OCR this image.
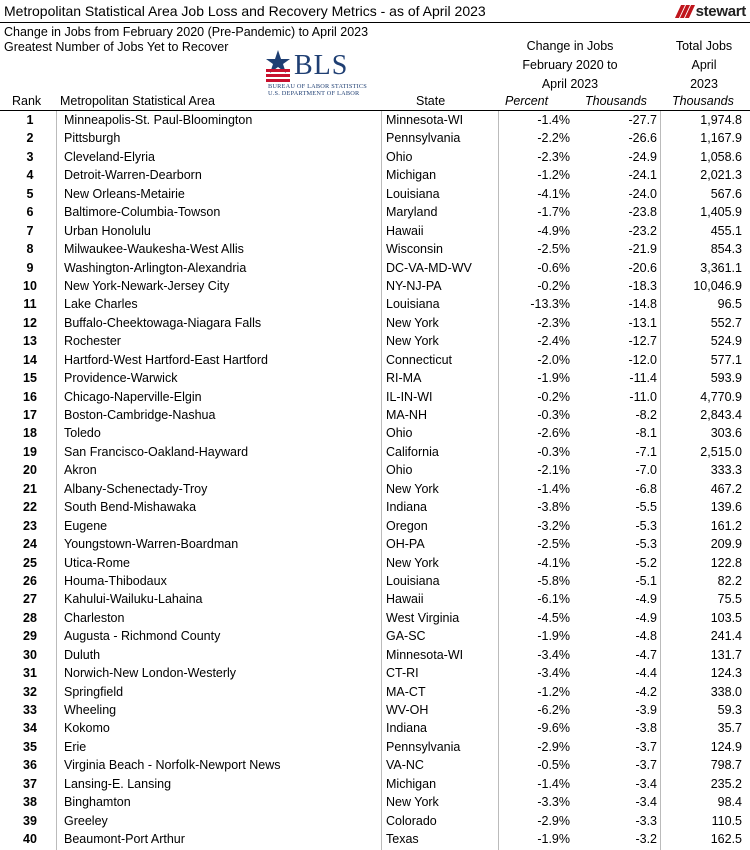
Metropolitan Statistical Area Job Loss and Recovery Metrics - as of April 2023	stewart
Change in Jobs from February 2020 (Pre-Pandemic) to April 2023
Greatest Number of Jobs Yet to Recover
BLS
BUREAU OF LABOR STATISTICS
U.S. DEPARTMENT OF LABOR
Change in Jobs
February 2020 to
April 2023
Total Jobs
April
2023
Rank Metropolitan Statistical Area	State	Percent	Thousands Thousands
1	Minneapolis-St. Paul-Bloomington	Minnesota-WI	-1.4%	-27.7	1,974.8
2	Pittsburgh	Pennsylvania	-2.2%	-26.6	1,167.9
3	Cleveland-Elyria	Ohio	-2.3%	-24.9	1,058.6
4	Detroit-Warren-Dearborn	Michigan	-1.2%	-24.1	2,021.3
5	New Orleans-Metairie	Louisiana	-4.1%	-24.0	567.6
6	Baltimore-Columbia-Towson	Maryland	-1.7%	-23.8	1,405.9
7	Urban Honolulu	Hawaii	-4.9%	-23.2	455.1
8	Milwaukee-Waukesha-West Allis	Wisconsin	-2.5%	-21.9	854.3
9	Washington-Arlington-Alexandria	DC-VA-MD-WV	-0.6%	-20.6	3,361.1
10	New York-Newark-Jersey City	NY-NJ-PA	-0.2%	-18.3	10,046.9
11	Lake Charles	Louisiana	-13.3%	-14.8	96.5
12	Buffalo-Cheektowaga-Niagara Falls	New York	-2.3%	-13.1	552.7
13	Rochester	New York	-2.4%	-12.7	524.9
14	Hartford-West Hartford-East Hartford	Connecticut	-2.0%	-12.0	577.1
15	Providence-Warwick	RI-MA	-1.9%	-11.4	593.9
16	Chicago-Naperville-Elgin	IL-IN-WI	-0.2%	-11.0	4,770.9
17	Boston-Cambridge-Nashua	MA-NH	-0.3%	-8.2	2,843.4
18	Toledo	Ohio	-2.6%	-8.1	303.6
19	San Francisco-Oakland-Hayward	California	-0.3%	-7.1	2,515.0
20	Akron	Ohio	-2.1%	-7.0	333.3
21	Albany-Schenectady-Troy	New York	-1.4%	-6.8	467.2
22	South Bend-Mishawaka	Indiana	-3.8%	-5.5	139.6
23	Eugene	Oregon	-3.2%	-5.3	161.2
24	Youngstown-Warren-Boardman	OH-PA	-2.5%	-5.3	209.9
25	Utica-Rome	New York	-4.1%	-5.2	122.8
26	Houma-Thibodaux	Louisiana	-5.8%	-5.1	82.2
27	Kahului-Wailuku-Lahaina	Hawaii	-6.1%	-4.9	75.5
28	Charleston	West Virginia	-4.5%	-4.9	103.5
29	Augusta - Richmond County	GA-SC	-1.9%	-4.8	241.4
30	Duluth	Minnesota-WI	-3.4%	-4.7	131.7
31	Norwich-New London-Westerly	CT-RI	-3.4%	-4.4	124.3
32	Springfield	MA-CT	-1.2%	-4.2	338.0
33	Wheeling	WV-OH	-6.2%	-3.9	59.3
34	Kokomo	Indiana	-9.6%	-3.8	35.7
35	Erie	Pennsylvania	-2.9%	-3.7	124.9
36	Virginia Beach - Norfolk-Newport News	VA-NC	-0.5%	-3.7	798.7
37	Lansing-E. Lansing	Michigan	-1.4%	-3.4	235.2
38	Binghamton	New York	-3.3%	-3.4	98.4
39	Greeley	Colorado	-2.9%	-3.3	110.5
40	Beaumont-Port Arthur	Texas	-1.9%	-3.2	162.5
